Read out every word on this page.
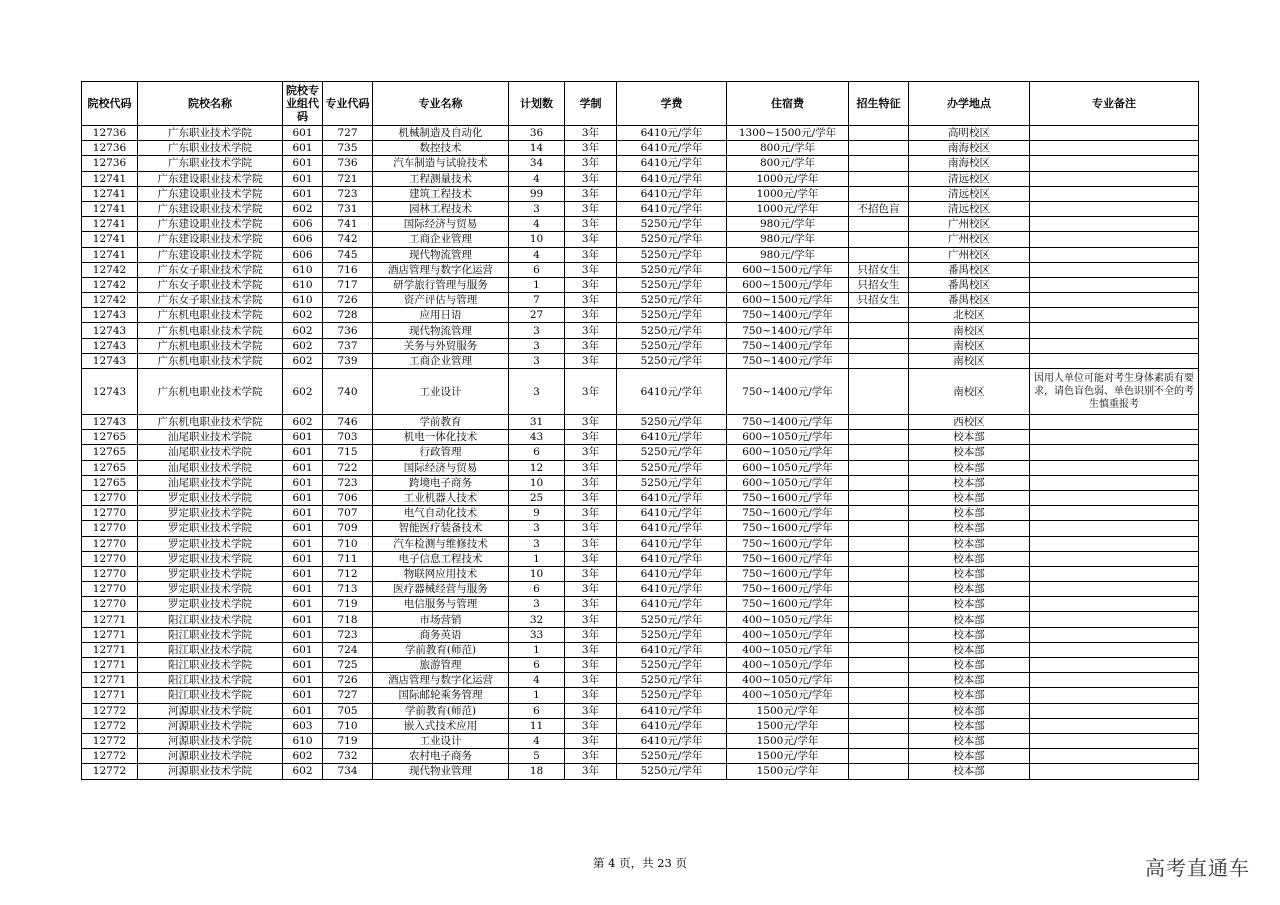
院校代码	院校名称	院校专业组代码	专业代码	专业名称	计划数	学制	学费	住宿费	招生特征	办学地点	专业备注
12736	广东职业技术学院	601	727	机械制造及自动化	36	3年	6410元/学年	1300~1500元/学年		高明校区	
12736	广东职业技术学院	601	735	数控技术	14	3年	6410元/学年	800元/学年		南海校区	
12736	广东职业技术学院	601	736	汽车制造与试验技术	34	3年	6410元/学年	800元/学年		南海校区	
12741	广东建设职业技术学院	601	721	工程测量技术	4	3年	6410元/学年	1000元/学年		清远校区	
12741	广东建设职业技术学院	601	723	建筑工程技术	99	3年	6410元/学年	1000元/学年		清远校区	
12741	广东建设职业技术学院	602	731	园林工程技术	3	3年	6410元/学年	1000元/学年	不招色盲	清远校区	
12741	广东建设职业技术学院	606	741	国际经济与贸易	4	3年	5250元/学年	980元/学年		广州校区	
12741	广东建设职业技术学院	606	742	工商企业管理	10	3年	5250元/学年	980元/学年		广州校区	
12741	广东建设职业技术学院	606	745	现代物流管理	4	3年	5250元/学年	980元/学年		广州校区	
12742	广东女子职业技术学院	610	716	酒店管理与数字化运营	6	3年	5250元/学年	600~1500元/学年	只招女生	番禺校区	
12742	广东女子职业技术学院	610	717	研学旅行管理与服务	1	3年	5250元/学年	600~1500元/学年	只招女生	番禺校区	
12742	广东女子职业技术学院	610	726	资产评估与管理	7	3年	5250元/学年	600~1500元/学年	只招女生	番禺校区	
12743	广东机电职业技术学院	602	728	应用日语	27	3年	5250元/学年	750~1400元/学年		北校区	
12743	广东机电职业技术学院	602	736	现代物流管理	3	3年	5250元/学年	750~1400元/学年		南校区	
12743	广东机电职业技术学院	602	737	关务与外贸服务	3	3年	5250元/学年	750~1400元/学年		南校区	
12743	广东机电职业技术学院	602	739	工商企业管理	3	3年	5250元/学年	750~1400元/学年		南校区	
12743	广东机电职业技术学院	602	740	工业设计	3	3年	6410元/学年	750~1400元/学年		南校区	因用人单位可能对考生身体素质有要求，请色盲色弱、单色识别不全的考生慎重报考
12743	广东机电职业技术学院	602	746	学前教育	31	3年	5250元/学年	750~1400元/学年		西校区	
12765	汕尾职业技术学院	601	703	机电一体化技术	43	3年	6410元/学年	600~1050元/学年		校本部	
12765	汕尾职业技术学院	601	715	行政管理	6	3年	5250元/学年	600~1050元/学年		校本部	
12765	汕尾职业技术学院	601	722	国际经济与贸易	12	3年	5250元/学年	600~1050元/学年		校本部	
12765	汕尾职业技术学院	601	723	跨境电子商务	10	3年	5250元/学年	600~1050元/学年		校本部	
12770	罗定职业技术学院	601	706	工业机器人技术	25	3年	6410元/学年	750~1600元/学年		校本部	
12770	罗定职业技术学院	601	707	电气自动化技术	9	3年	6410元/学年	750~1600元/学年		校本部	
12770	罗定职业技术学院	601	709	智能医疗装备技术	3	3年	6410元/学年	750~1600元/学年		校本部	
12770	罗定职业技术学院	601	710	汽车检测与维修技术	3	3年	6410元/学年	750~1600元/学年		校本部	
12770	罗定职业技术学院	601	711	电子信息工程技术	1	3年	6410元/学年	750~1600元/学年		校本部	
12770	罗定职业技术学院	601	712	物联网应用技术	10	3年	6410元/学年	750~1600元/学年		校本部	
12770	罗定职业技术学院	601	713	医疗器械经营与服务	6	3年	6410元/学年	750~1600元/学年		校本部	
12770	罗定职业技术学院	601	719	电信服务与管理	3	3年	6410元/学年	750~1600元/学年		校本部	
12771	阳江职业技术学院	601	718	市场营销	32	3年	5250元/学年	400~1050元/学年		校本部	
12771	阳江职业技术学院	601	723	商务英语	33	3年	5250元/学年	400~1050元/学年		校本部	
12771	阳江职业技术学院	601	724	学前教育(师范)	1	3年	6410元/学年	400~1050元/学年		校本部	
12771	阳江职业技术学院	601	725	旅游管理	6	3年	5250元/学年	400~1050元/学年		校本部	
12771	阳江职业技术学院	601	726	酒店管理与数字化运营	4	3年	5250元/学年	400~1050元/学年		校本部	
12771	阳江职业技术学院	601	727	国际邮轮乘务管理	1	3年	5250元/学年	400~1050元/学年		校本部	
12772	河源职业技术学院	601	705	学前教育(师范)	6	3年	6410元/学年	1500元/学年		校本部	
12772	河源职业技术学院	603	710	嵌入式技术应用	11	3年	6410元/学年	1500元/学年		校本部	
12772	河源职业技术学院	610	719	工业设计	4	3年	6410元/学年	1500元/学年		校本部	
12772	河源职业技术学院	602	732	农村电子商务	5	3年	5250元/学年	1500元/学年		校本部	
12772	河源职业技术学院	602	734	现代物业管理	18	3年	5250元/学年	1500元/学年		校本部	
第 4 页，共 23 页	高考直通车
